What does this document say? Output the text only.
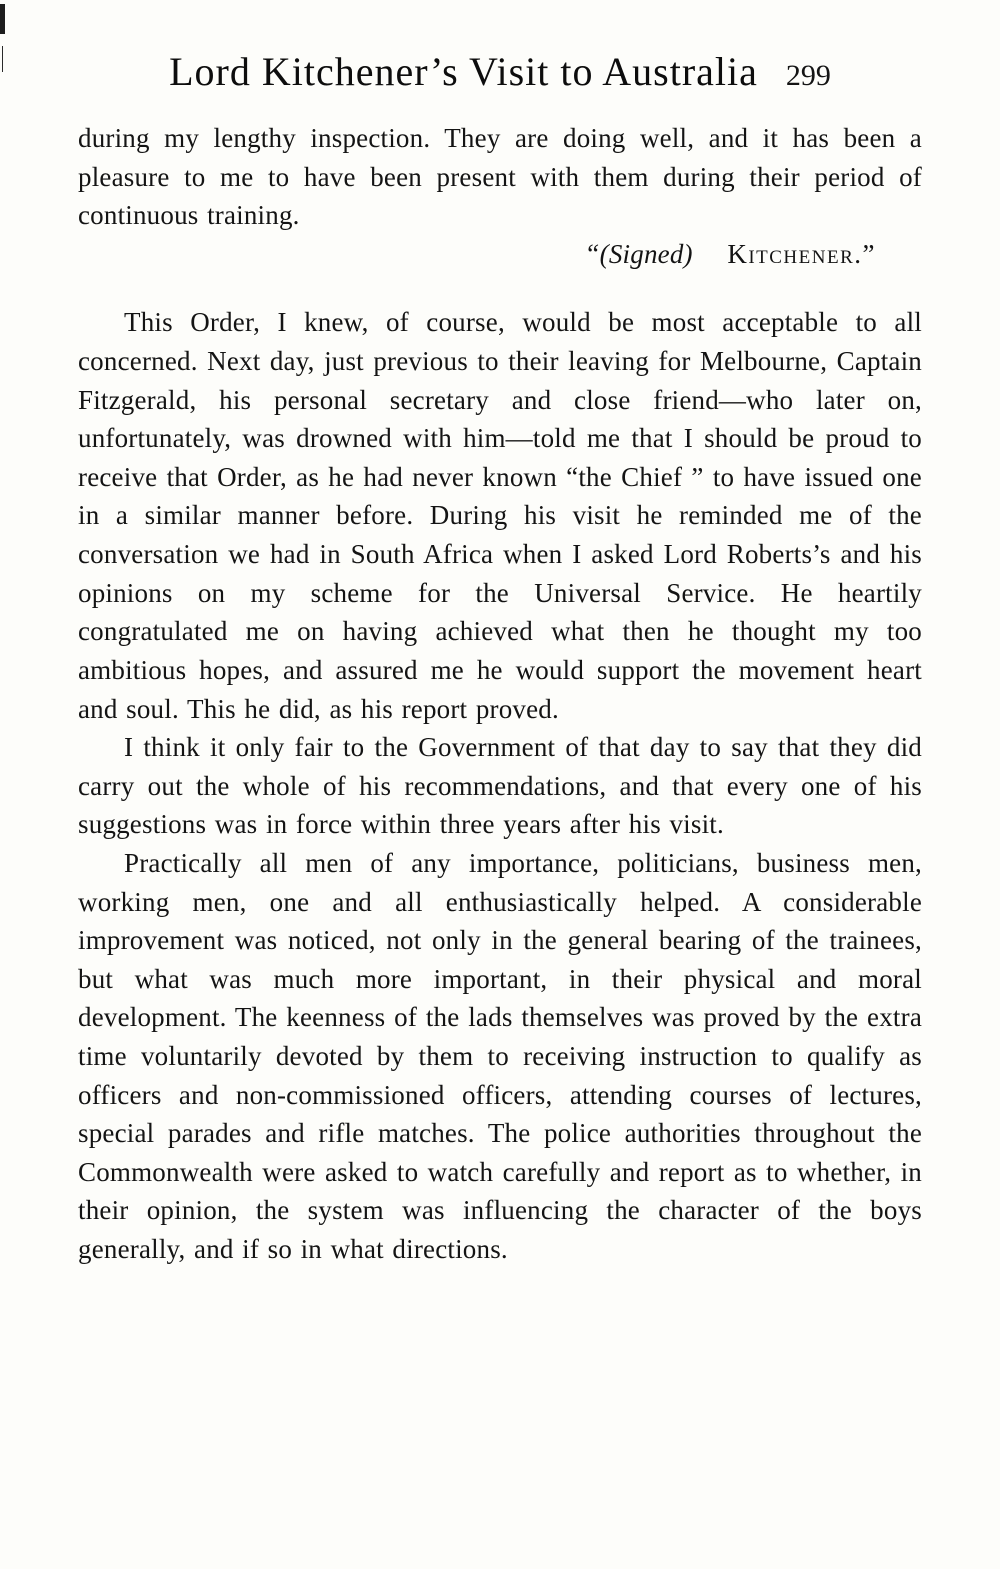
Lord Kitchener’s Visit to Australia 299

during my lengthy inspection. They are doing well, and it has been a pleasure to me to have been present with them during their period of continuous training.

“(Signed) Kitchener.”

This Order, I knew, of course, would be most acceptable to all concerned. Next day, just previous to their leaving for Melbourne, Captain Fitzgerald, his personal secretary and close friend—who later on, unfortunately, was drowned with him—told me that I should be proud to receive that Order, as he had never known “the Chief ” to have issued one in a similar manner before. During his visit he reminded me of the conversation we had in South Africa when I asked Lord Roberts’s and his opinions on my scheme for the Universal Service. He heartily congratulated me on having achieved what then he thought my too ambitious hopes, and assured me he would support the movement heart and soul. This he did, as his report proved.

I think it only fair to the Government of that day to say that they did carry out the whole of his recommendations, and that every one of his suggestions was in force within three years after his visit.

Practically all men of any importance, politicians, business men, working men, one and all enthusiastically helped. A considerable improvement was noticed, not only in the general bearing of the trainees, but what was much more important, in their physical and moral development. The keenness of the lads themselves was proved by the extra time voluntarily devoted by them to receiving instruction to qualify as officers and non-commissioned officers, attending courses of lectures, special parades and rifle matches. The police authorities throughout the Commonwealth were asked to watch carefully and report as to whether, in their opinion, the system was influencing the character of the boys generally, and if so in what directions.
